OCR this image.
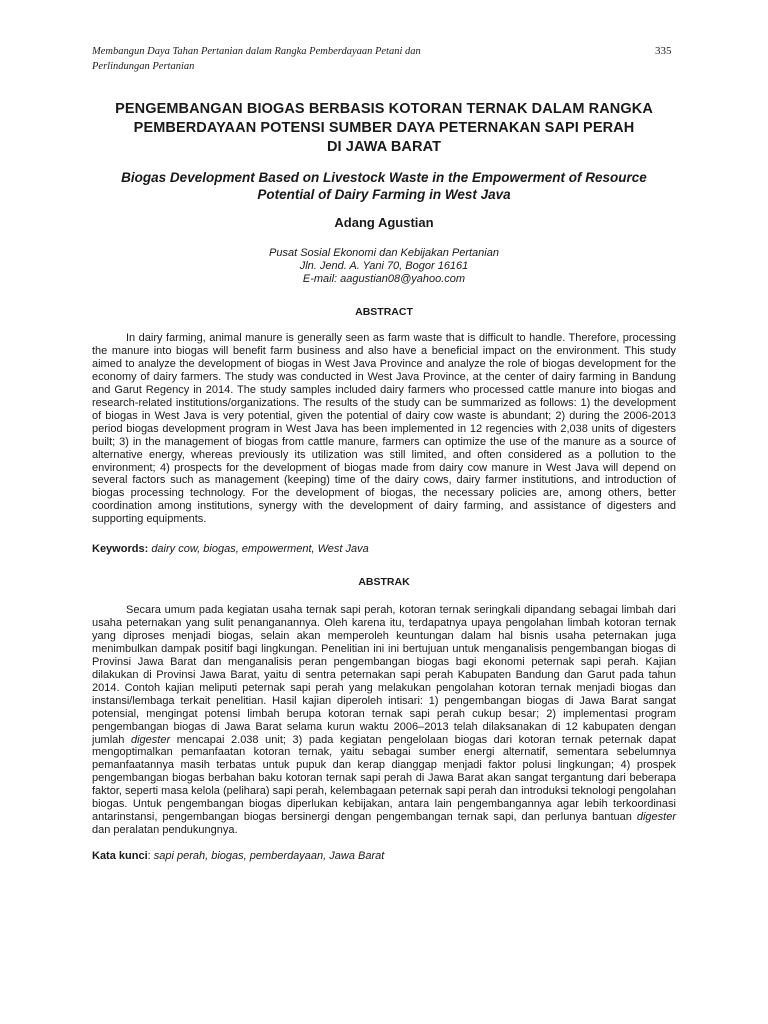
Membangun Daya Tahan Pertanian dalam Rangka Pemberdayaan Petani dan
Perlindungan Pertanian
335
PENGEMBANGAN BIOGAS BERBASIS KOTORAN TERNAK DALAM RANGKA
PEMBERDAYAAN POTENSI SUMBER DAYA PETERNAKAN SAPI PERAH
DI JAWA BARAT
Biogas Development Based on Livestock Waste in the Empowerment of Resource
Potential of Dairy Farming in West Java
Adang Agustian
Pusat Sosial Ekonomi dan Kebijakan Pertanian
Jln. Jend. A. Yani 70, Bogor 16161
E-mail: aagustian08@yahoo.com
ABSTRACT

In dairy farming, animal manure is generally seen as farm waste that is difficult to handle. Therefore, processing the manure into biogas will benefit farm business and also have a beneficial impact on the environment. This study aimed to analyze the development of biogas in West Java Province and analyze the role of biogas development for the economy of dairy farmers. The study was conducted in West Java Province, at the center of dairy farming in Bandung and Garut Regency in 2014. The study samples included dairy farmers who processed cattle manure into biogas and research-related institutions/organizations. The results of the study can be summarized as follows: 1) the development of biogas in West Java is very potential, given the potential of dairy cow waste is abundant; 2) during the 2006-2013 period biogas development program in West Java has been implemented in 12 regencies with 2,038 units of digesters built; 3) in the management of biogas from cattle manure, farmers can optimize the use of the manure as a source of alternative energy, whereas previously its utilization was still limited, and often considered as a pollution to the environment; 4) prospects for the development of biogas made from dairy cow manure in West Java will depend on several factors such as management (keeping) time of the dairy cows, dairy farmer institutions, and introduction of biogas processing technology. For the development of biogas, the necessary policies are, among others, better coordination among institutions, synergy with the development of dairy farming, and assistance of digesters and supporting equipments.

Keywords: dairy cow, biogas, empowerment, West Java

ABSTRAK

Secara umum pada kegiatan usaha ternak sapi perah, kotoran ternak seringkali dipandang sebagai limbah dari usaha peternakan yang sulit penanganannya. Oleh karena itu, terdapatnya upaya pengolahan limbah kotoran ternak yang diproses menjadi biogas, selain akan memperoleh keuntungan dalam hal bisnis usaha peternakan juga menimbulkan dampak positif bagi lingkungan. Penelitian ini ini bertujuan untuk menganalisis pengembangan biogas di Provinsi Jawa Barat dan menganalisis peran pengembangan biogas bagi ekonomi peternak sapi perah. Kajian dilakukan di Provinsi Jawa Barat, yaitu di sentra peternakan sapi perah Kabupaten Bandung dan Garut pada tahun 2014. Contoh kajian meliputi peternak sapi perah yang melakukan pengolahan kotoran ternak menjadi biogas dan instansi/lembaga terkait penelitian. Hasil kajian diperoleh intisari: 1) pengembangan biogas di Jawa Barat sangat potensial, mengingat potensi limbah berupa kotoran ternak sapi perah cukup besar; 2) implementasi program pengembangan biogas di Jawa Barat selama kurun waktu 2006–2013 telah dilaksanakan di 12 kabupaten dengan jumlah digester mencapai 2.038 unit; 3) pada kegiatan pengelolaan biogas dari kotoran ternak peternak dapat mengoptimalkan pemanfaatan kotoran ternak, yaitu sebagai sumber energi alternatif, sementara sebelumnya pemanfaatannya masih terbatas untuk pupuk dan kerap dianggap menjadi faktor polusi lingkungan; 4) prospek pengembangan biogas berbahan baku kotoran ternak sapi perah di Jawa Barat akan sangat tergantung dari beberapa faktor, seperti masa kelola (pelihara) sapi perah, kelembagaan peternak sapi perah dan introduksi teknologi pengolahan biogas. Untuk pengembangan biogas diperlukan kebijakan, antara lain pengembangannya agar lebih terkoordinasi antarinstansi, pengembangan biogas bersinergi dengan pengembangan ternak sapi, dan perlunya bantuan digester dan peralatan pendukungnya.

Kata kunci: sapi perah, biogas, pemberdayaan, Jawa Barat
